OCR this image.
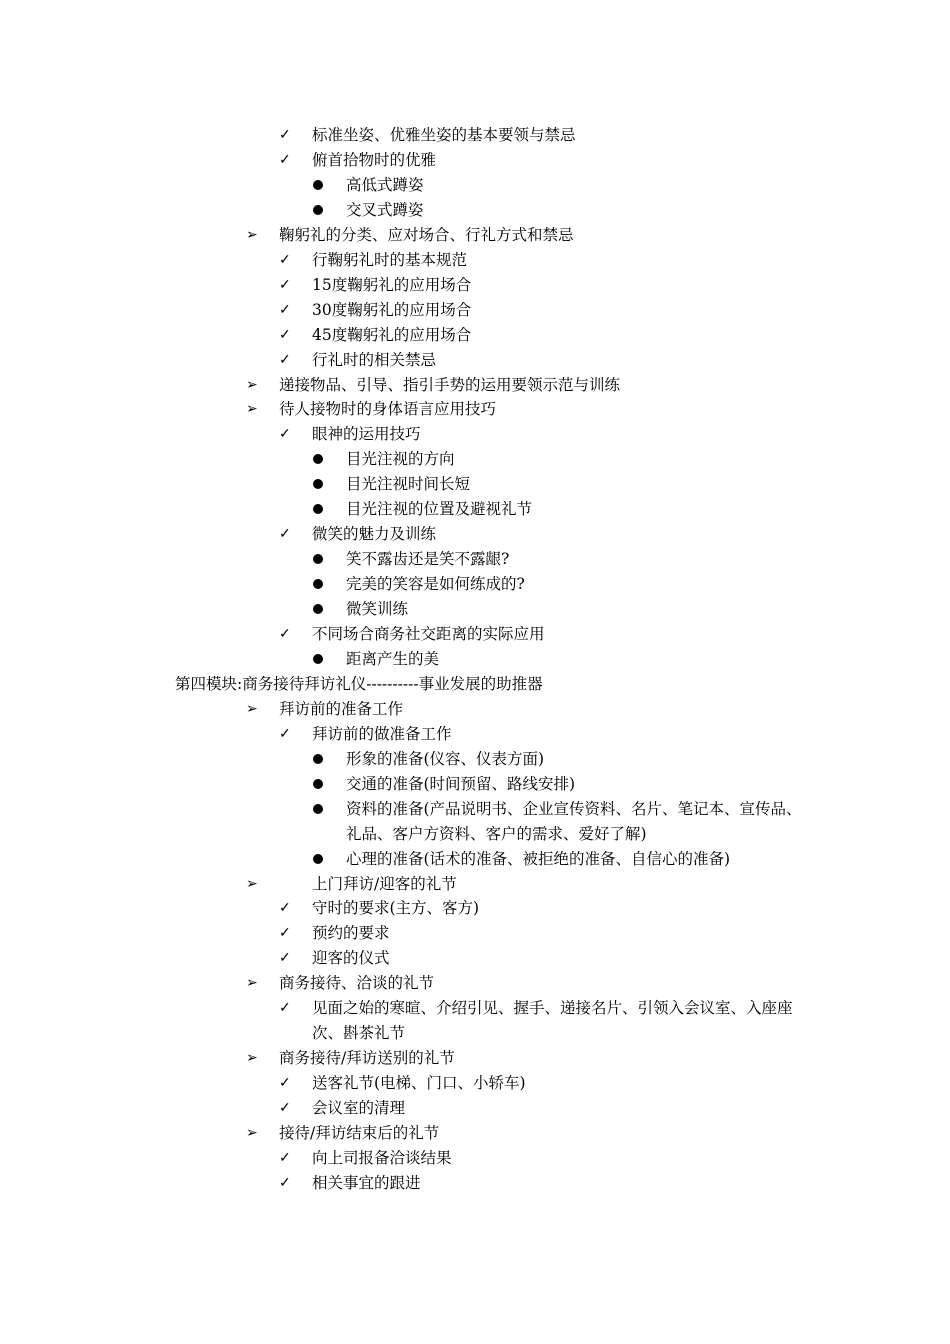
✓ 标准坐姿、优雅坐姿的基本要领与禁忌
✓ 俯首拾物时的优雅
高低式蹲姿
交叉式蹲姿
➢ 鞠躬礼的分类、应对场合、行礼方式和禁忌
✓ 行鞠躬礼时的基本规范
✓ 15度鞠躬礼的应用场合
✓ 30度鞠躬礼的应用场合
✓ 45度鞠躬礼的应用场合
✓ 行礼时的相关禁忌
➢ 递接物品、引导、指引手势的运用要领示范与训练
➢ 待人接物时的身体语言应用技巧
✓ 眼神的运用技巧
目光注视的方向
目光注视时间长短
目光注视的位置及避视礼节
✓ 微笑的魅力及训练
笑不露齿还是笑不露龈?
完美的笑容是如何练成的?
微笑训练
✓ 不同场合商务社交距离的实际应用
距离产生的美
第四模块:商务接待拜访礼仪----------事业发展的助推器
➢ 拜访前的准备工作
✓ 拜访前的做准备工作
形象的准备(仪容、仪表方面)
交通的准备(时间预留、路线安排)
资料的准备(产品说明书、企业宣传资料、名片、笔记本、宣传品、
礼品、客户方资料、客户的需求、爱好了解)
心理的准备(话术的准备、被拒绝的准备、自信心的准备)
➢	上门拜访/迎客的礼节
✓ 守时的要求(主方、客方)
✓ 预约的要求
✓ 迎客的仪式
➢ 商务接待、洽谈的礼节
✓ 见面之始的寒暄、介绍引见、握手、递接名片、引领入会议室、入座座
次、斟茶礼节
➢ 商务接待/拜访送别的礼节
✓ 送客礼节(电梯、门口、小轿车)
✓ 会议室的清理
➢ 接待/拜访结束后的礼节
✓ 向上司报备洽谈结果
✓ 相关事宜的跟进
